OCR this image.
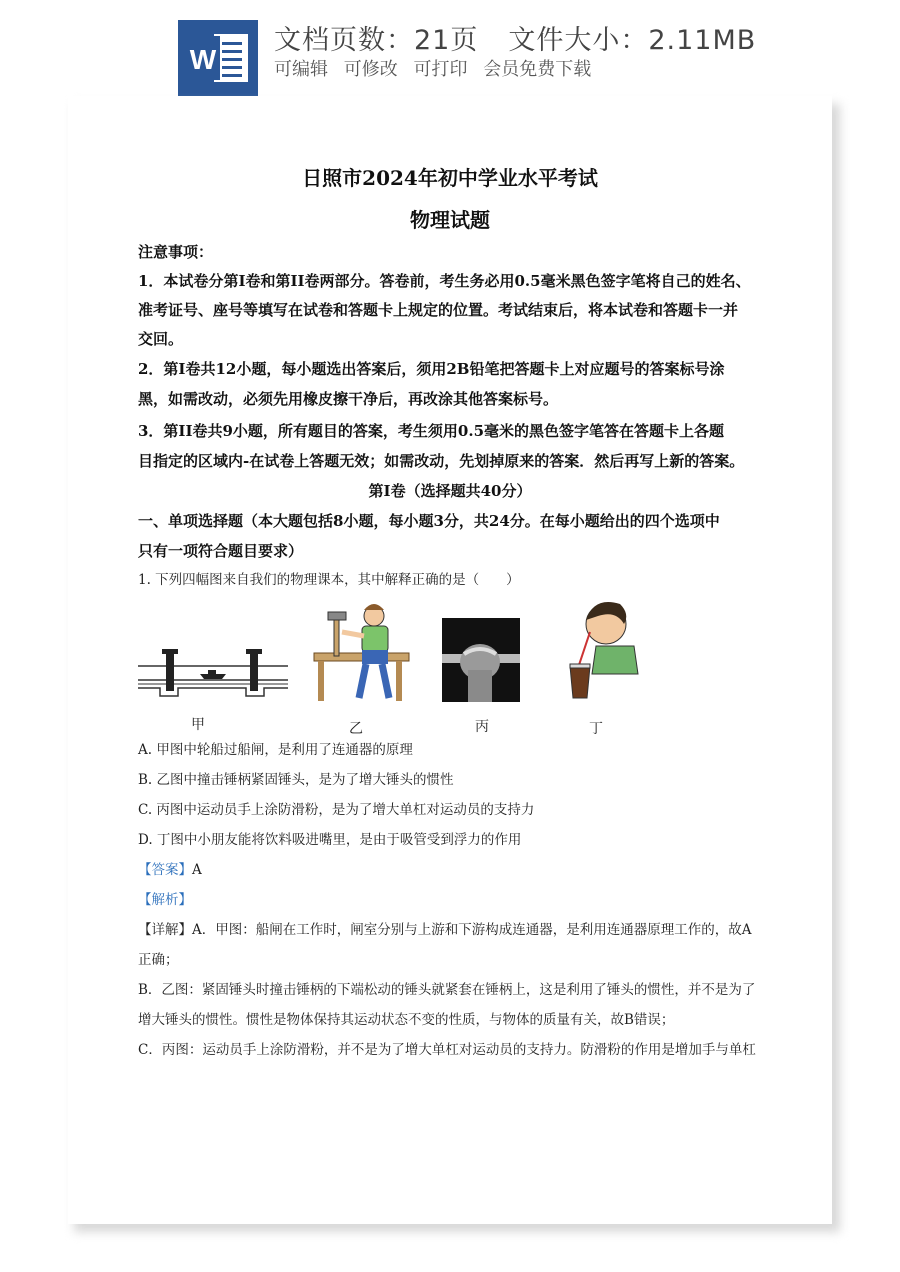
W
文档页数：21页 文件大小：2.11MB
可编辑 可修改 可打印 会员免费下载
日照市2024年初中学业水平考试
物理试题
注意事项：
1．本试卷分第I卷和第II卷两部分。答卷前，考生务必用0.5毫米黑色签字笔将自己的姓名、
准考证号、座号等填写在试卷和答题卡上规定的位置。考试结束后，将本试卷和答题卡一并
交回。
2．第I卷共12小题，每小题选出答案后，须用2B铅笔把答题卡上对应题号的答案标号涂
黑，如需改动，必须先用橡皮擦干净后，再改涂其他答案标号。
3．第II卷共9小题，所有题目的答案，考生须用0.5毫米的黑色签字笔答在答题卡上各题
目指定的区域内-在试卷上答题无效；如需改动，先划掉原来的答案．然后再写上新的答案。
第I卷（选择题共40分）
一、单项选择题（本大题包括8小题，每小题3分，共24分。在每小题给出的四个选项中
只有一项符合题目要求）
1. 下列四幅图来自我们的物理课本，其中解释正确的是（　　）
甲	乙	丙	丁
A. 甲图中轮船过船闸，是利用了连通器的原理
B. 乙图中撞击锤柄紧固锤头，是为了增大锤头的惯性
C. 丙图中运动员手上涂防滑粉，是为了增大单杠对运动员的支持力
D. 丁图中小朋友能将饮料吸进嘴里，是由于吸管受到浮力的作用
【答案】A
【解析】
【详解】A．甲图：船闸在工作时，闸室分别与上游和下游构成连通器，是利用连通器原理工作的，故A
正确；
B．乙图：紧固锤头时撞击锤柄的下端松动的锤头就紧套在锤柄上，这是利用了锤头的惯性，并不是为了
增大锤头的惯性。惯性是物体保持其运动状态不变的性质，与物体的质量有关，故B错误；
C．丙图：运动员手上涂防滑粉，并不是为了增大单杠对运动员的支持力。防滑粉的作用是增加手与单杠
